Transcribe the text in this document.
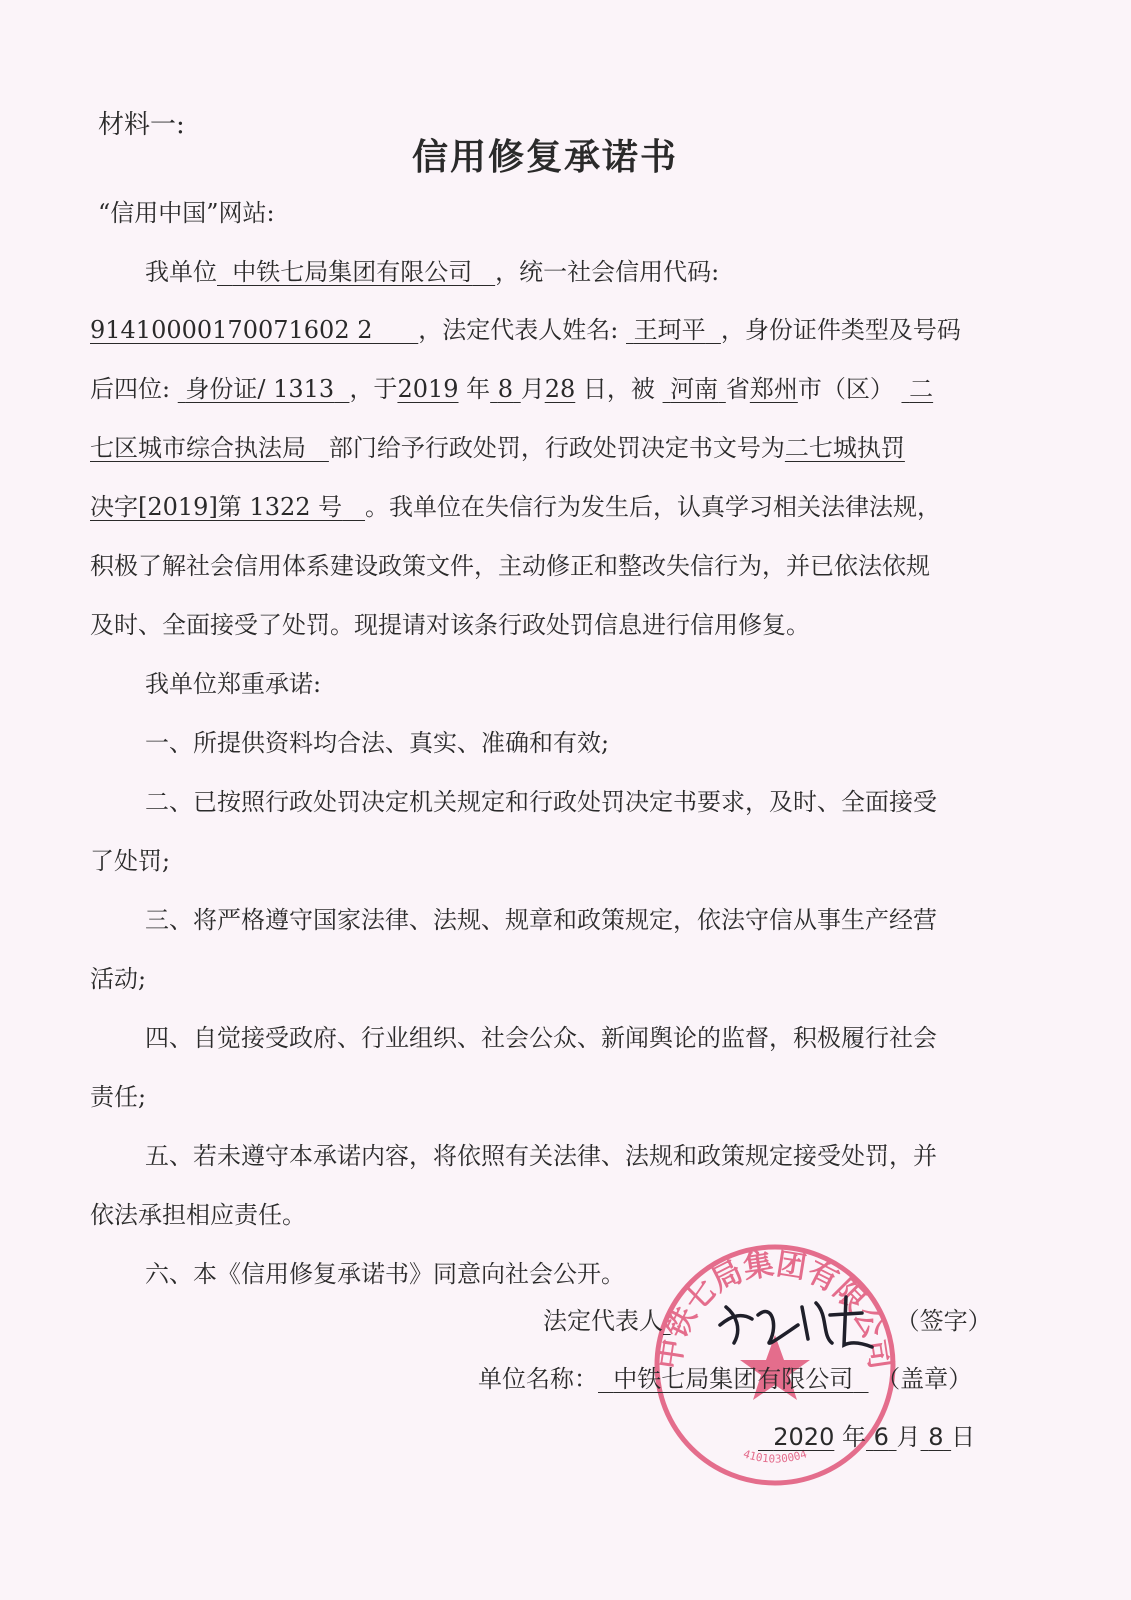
材料一:
信用修复承诺书
“信用中国”网站:
我单位 中铁七局集团有限公司 ，统一社会信用代码:
91410000170071602 2 ，法定代表人姓名: 王珂平 ，身份证件类型及号码
后四位: 身份证/ 1313 ，于2019 年 8 月28 日，被 河南 省郑州市（区） 二
七区城市综合执法局 部门给予行政处罚，行政处罚决定书文号为二七城执罚
决字[2019]第 1322 号 。我单位在失信行为发生后，认真学习相关法律法规，
积极了解社会信用体系建设政策文件，主动修正和整改失信行为，并已依法依规
及时、全面接受了处罚。现提请对该条行政处罚信息进行信用修复。
我单位郑重承诺:
一、所提供资料均合法、真实、准确和有效;
二、已按照行政处罚决定机关规定和行政处罚决定书要求，及时、全面接受
了处罚;
三、将严格遵守国家法律、法规、规章和政策规定，依法守信从事生产经营
活动;
四、自觉接受政府、行业组织、社会公众、新闻舆论的监督，积极履行社会
责任;
五、若未遵守本承诺内容，将依照有关法律、法规和政策规定接受处罚，并
依法承担相应责任。
六、本《信用修复承诺书》同意向社会公开。
中铁七局集团有限公司
4101030004
法定代表人	（签字）
单位名称： 中铁七局集团有限公司 （盖章）
2020 年 6 月 8 日
